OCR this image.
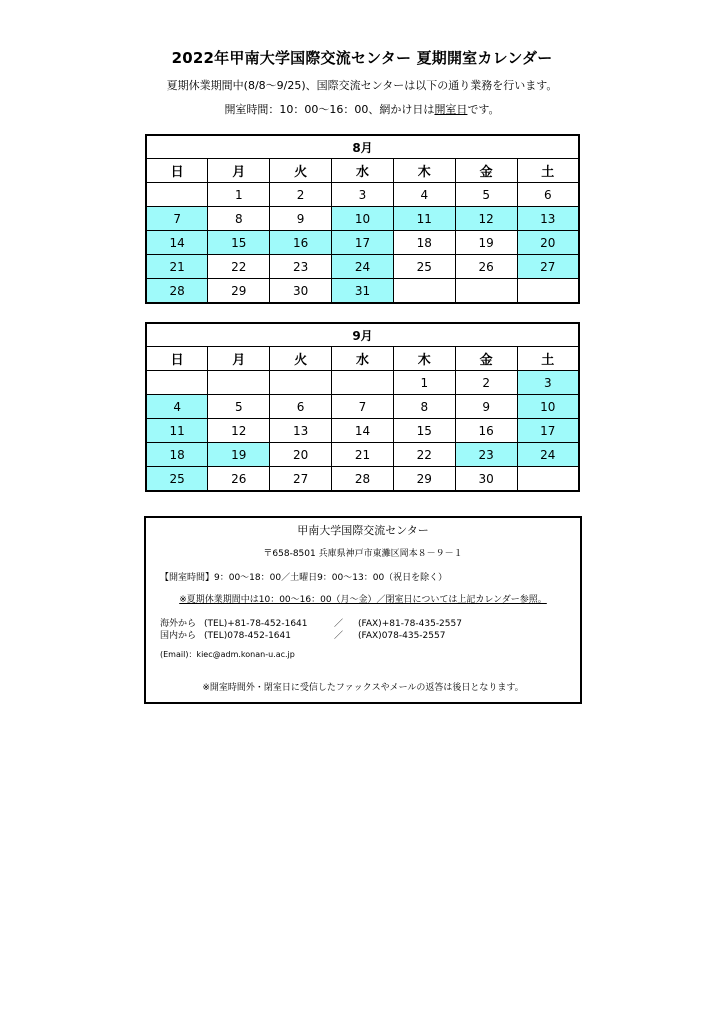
2022年甲南大学国際交流センター 夏期開室カレンダー
夏期休業期間中(8/8～9/25)、国際交流センターは以下の通り業務を行います。
開室時間：10：00～16：00、網かけ日は開室日です。
8月						
日	月	火	水	木	金	土
	1	2	3	4	5	6
7	8	9	10	11	12	13
14	15	16	17	18	19	20
21	22	23	24	25	26	27
28	29	30	31			
9月						
日	月	火	水	木	金	土
				1	2	3
4	5	6	7	8	9	10
11	12	13	14	15	16	17
18	19	20	21	22	23	24
25	26	27	28	29	30	
甲南大学国際交流センター
〒658-8501 兵庫県神戸市東灘区岡本８－９－１
【開室時間】9：00～18：00／土曜日9：00～13：00（祝日を除く）
※夏期休業期間中は10：00～16：00（月～金）／閉室日については上記カレンダー参照。
海外から (TEL)+81-78-452-1641	／ (FAX)+81-78-435-2557
国内から (TEL)078-452-1641	／ (FAX)078-435-2557
(Email)：kiec@adm.konan-u.ac.jp
※開室時間外・閉室日に受信したファックスやメールの返答は後日となります。
